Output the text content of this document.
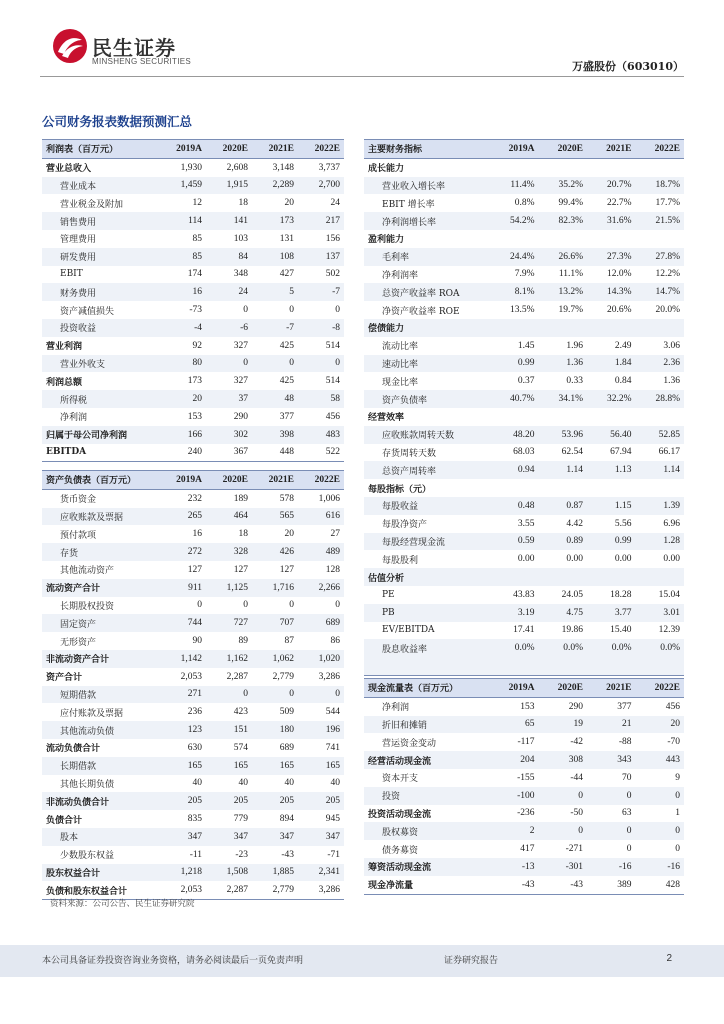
民生证券
MINSHENG SECURITIES	万盛股份（603010）
公司财务报表数据预测汇总
利润表（百万元）	2019A	2020E	2021E	2022E
营业总收入	1,930	2,608	3,148	3,737
营业成本	1,459	1,915	2,289	2,700
营业税金及附加	12	18	20	24
销售费用	114	141	173	217
管理费用	85	103	131	156
研发费用	85	84	108	137
EBIT	174	348	427	502
财务费用	16	24	5	-7
资产减值损失	-73	0	0	0
投资收益	-4	-6	-7	-8
营业利润	92	327	425	514
营业外收支	80	0	0	0
利润总额	173	327	425	514
所得税	20	37	48	58
净利润	153	290	377	456
归属于母公司净利润	166	302	398	483
EBITDA	240	367	448	522
资产负债表（百万元）	2019A	2020E	2021E	2022E
货币资金	232	189	578	1,006
应收账款及票据	265	464	565	616
预付款项	16	18	20	27
存货	272	328	426	489
其他流动资产	127	127	127	128
流动资产合计	911	1,125	1,716	2,266
长期股权投资	0	0	0	0
固定资产	744	727	707	689
无形资产	90	89	87	86
非流动资产合计	1,142	1,162	1,062	1,020
资产合计	2,053	2,287	2,779	3,286
短期借款	271	0	0	0
应付账款及票据	236	423	509	544
其他流动负债	123	151	180	196
流动负债合计	630	574	689	741
长期借款	165	165	165	165
其他长期负债	40	40	40	40
非流动负债合计	205	205	205	205
负债合计	835	779	894	945
股本	347	347	347	347
少数股东权益	-11	-23	-43	-71
股东权益合计	1,218	1,508	1,885	2,341
负债和股东权益合计	2,053	2,287	2,779	3,286
主要财务指标	2019A	2020E	2021E	2022E
成长能力				
营业收入增长率	11.4%	35.2%	20.7%	18.7%
EBIT 增长率	0.8%	99.4%	22.7%	17.7%
净利润增长率	54.2%	82.3%	31.6%	21.5%
盈利能力				
毛利率	24.4%	26.6%	27.3%	27.8%
净利润率	7.9%	11.1%	12.0%	12.2%
总资产收益率 ROA	8.1%	13.2%	14.3%	14.7%
净资产收益率 ROE	13.5%	19.7%	20.6%	20.0%
偿债能力				
流动比率	1.45	1.96	2.49	3.06
速动比率	0.99	1.36	1.84	2.36
现金比率	0.37	0.33	0.84	1.36
资产负债率	40.7%	34.1%	32.2%	28.8%
经营效率				
应收账款周转天数	48.20	53.96	56.40	52.85
存货周转天数	68.03	62.54	67.94	66.17
总资产周转率	0.94	1.14	1.13	1.14
每股指标（元）				
每股收益	0.48	0.87	1.15	1.39
每股净资产	3.55	4.42	5.56	6.96
每股经营现金流	0.59	0.89	0.99	1.28
每股股利	0.00	0.00	0.00	0.00
估值分析				
PE	43.83	24.05	18.28	15.04
PB	3.19	4.75	3.77	3.01
EV/EBITDA	17.41	19.86	15.40	12.39
股息收益率	0.0%	0.0%	0.0%	0.0%

现金流量表（百万元）	2019A	2020E	2021E	2022E
净利润	153	290	377	456
折旧和摊销	65	19	21	20
营运资金变动	-117	-42	-88	-70
经营活动现金流	204	308	343	443
资本开支	-155	-44	70	9
投资	-100	0	0	0
投资活动现金流	-236	-50	63	1
股权募资	2	0	0	0
债务募资	417	-271	0	0
筹资活动现金流	-13	-301	-16	-16
现金净流量	-43	-43	389	428
资料来源：公司公告、民生证券研究院
本公司具备证券投资咨询业务资格，请务必阅读最后一页免责声明	证券研究报告	2
